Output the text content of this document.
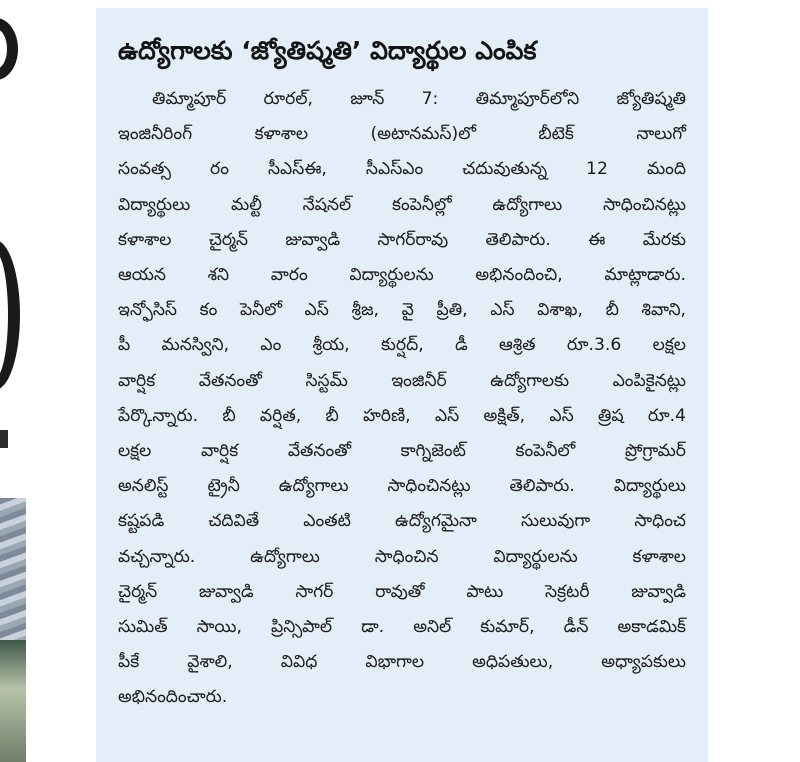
ఉద్యోగాలకు ‘జ్యోతిష్మతి’ విద్యార్థుల ఎంపిక
తిమ్మాపూర్ రూరల్, జూన్ 7: తిమ్మాపూర్‌లోని జ్యోతిష్మతి
ఇంజినీరింగ్ కళాశాల (అటానమస్)లో బీటెక్ నాలుగో
సంవత్స రం సీఎస్ఈ, సీఎస్ఎం చదువుతున్న 12 మంది
విద్యార్థులు మల్టీ నేషనల్ కంపెనీల్లో ఉద్యోగాలు సాధించినట్లు
కళాశాల చైర్మన్ జువ్వాడి సాగర్‌రావు తెలిపారు. ఈ మేరకు
ఆయన శని వారం విద్యార్థులను అభినందించి, మాట్లాడారు.
ఇన్ఫోసిస్ కం పెనీలో ఎస్ శ్రీజ, వై ప్రీతి, ఎస్ విశాఖ, బీ శివాని,
పీ మనస్విని, ఎం శ్రీయ, కుర్షద్, డీ ఆశ్రిత రూ.3.6 లక్షల
వార్షిక వేతనంతో సిస్టమ్ ఇంజినీర్ ఉద్యోగాలకు ఎంపికైనట్లు
పేర్కొన్నారు. బీ వర్షిత, బీ హరిణి, ఎస్ అక్షిత్, ఎస్ త్రిష రూ.4
లక్షల వార్షిక వేతనంతో కాగ్నిజెంట్ కంపెనీలో ప్రోగ్రామర్
అనలిస్ట్ ట్రైనీ ఉద్యోగాలు సాధించినట్లు తెలిపారు. విద్యార్థులు
కష్టపడి చదివితే ఎంతటి ఉద్యోగమైనా సులువుగా సాధించ
వచ్చన్నారు. ఉద్యోగాలు సాధించిన విద్యార్థులను కళాశాల
చైర్మన్ జువ్వాడి సాగర్ రావుతో పాటు సెక్రటరీ జువ్వాడి
సుమిత్ సాయి, ప్రిన్సిపాల్ డా. అనిల్ కుమార్, డీన్ అకాడమిక్
పీకే వైశాలి, వివిధ విభాగాల అధిపతులు, అధ్యాపకులు
అభినందించారు.
